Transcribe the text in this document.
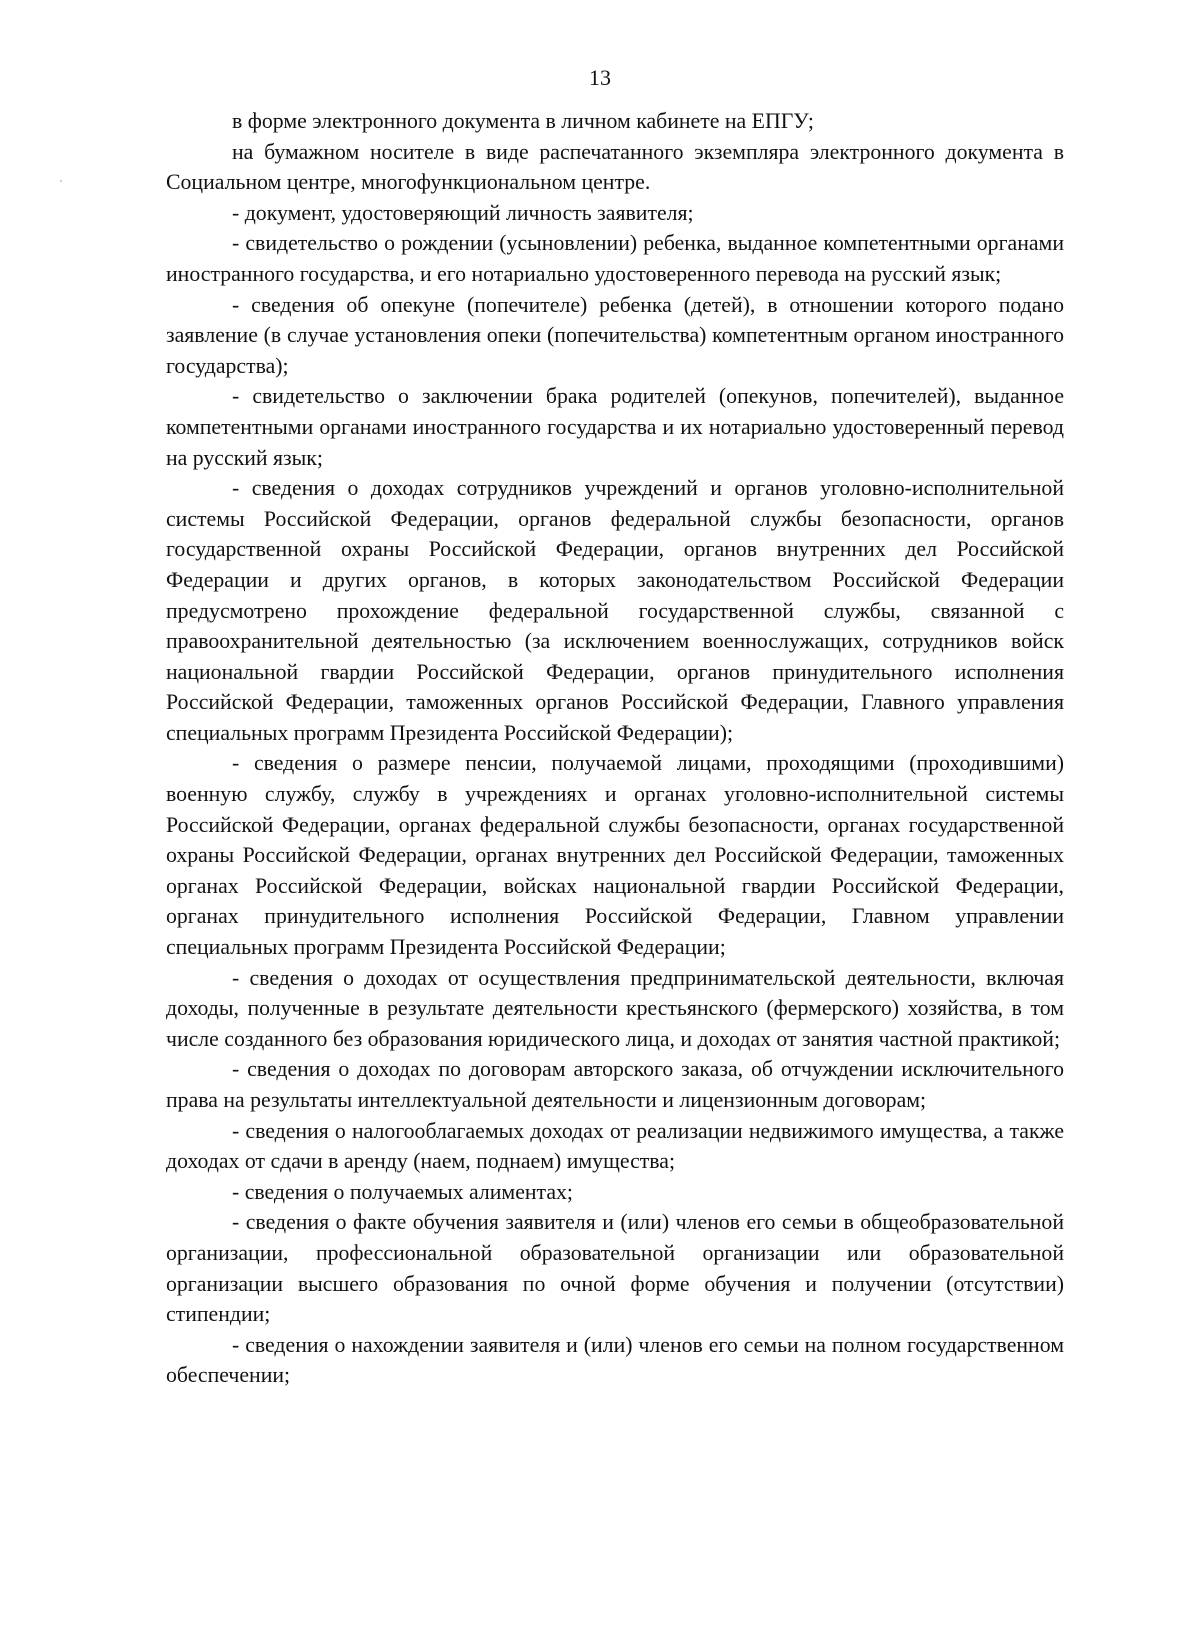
13

в форме электронного документа в личном кабинете на ЕПГУ;

на бумажном носителе в виде распечатанного экземпляра электронного документа в Социальном центре, многофункциональном центре.

- документ, удостоверяющий личность заявителя;

- свидетельство о рождении (усыновлении) ребенка, выданное компетентными органами иностранного государства, и его нотариально удостоверенного перевода на русский язык;

- сведения об опекуне (попечителе) ребенка (детей), в отношении которого подано заявление (в случае установления опеки (попечительства) компетентным органом иностранного государства);

- свидетельство о заключении брака родителей (опекунов, попечителей), выданное компетентными органами иностранного государства и их нотариально удостоверенный перевод на русский язык;

- сведения о доходах сотрудников учреждений и органов уголовно-исполнительной системы Российской Федерации, органов федеральной службы безопасности, органов государственной охраны Российской Федерации, органов внутренних дел Российской Федерации и других органов, в которых законодательством Российской Федерации предусмотрено прохождение федеральной государственной службы, связанной с правоохранительной деятельностью (за исключением военнослужащих, сотрудников войск национальной гвардии Российской Федерации, органов принудительного исполнения Российской Федерации, таможенных органов Российской Федерации, Главного управления специальных программ Президента Российской Федерации);

- сведения о размере пенсии, получаемой лицами, проходящими (проходившими) военную службу, службу в учреждениях и органах уголовно-исполнительной системы Российской Федерации, органах федеральной службы безопасности, органах государственной охраны Российской Федерации, органах внутренних дел Российской Федерации, таможенных органах Российской Федерации, войсках национальной гвардии Российской Федерации, органах принудительного исполнения Российской Федерации, Главном управлении специальных программ Президента Российской Федерации;

- сведения о доходах от осуществления предпринимательской деятельности, включая доходы, полученные в результате деятельности крестьянского (фермерского) хозяйства, в том числе созданного без образования юридического лица, и доходах от занятия частной практикой;

- сведения о доходах по договорам авторского заказа, об отчуждении исключительного права на результаты интеллектуальной деятельности и лицензионным договорам;

- сведения о налогооблагаемых доходах от реализации недвижимого имущества, а также доходах от сдачи в аренду (наем, поднаем) имущества;

- сведения о получаемых алиментах;

- сведения о факте обучения заявителя и (или) членов его семьи в общеобразовательной организации, профессиональной образовательной организации или образовательной организации высшего образования по очной форме обучения и получении (отсутствии) стипендии;

- сведения о нахождении заявителя и (или) членов его семьи на полном государственном обеспечении;
